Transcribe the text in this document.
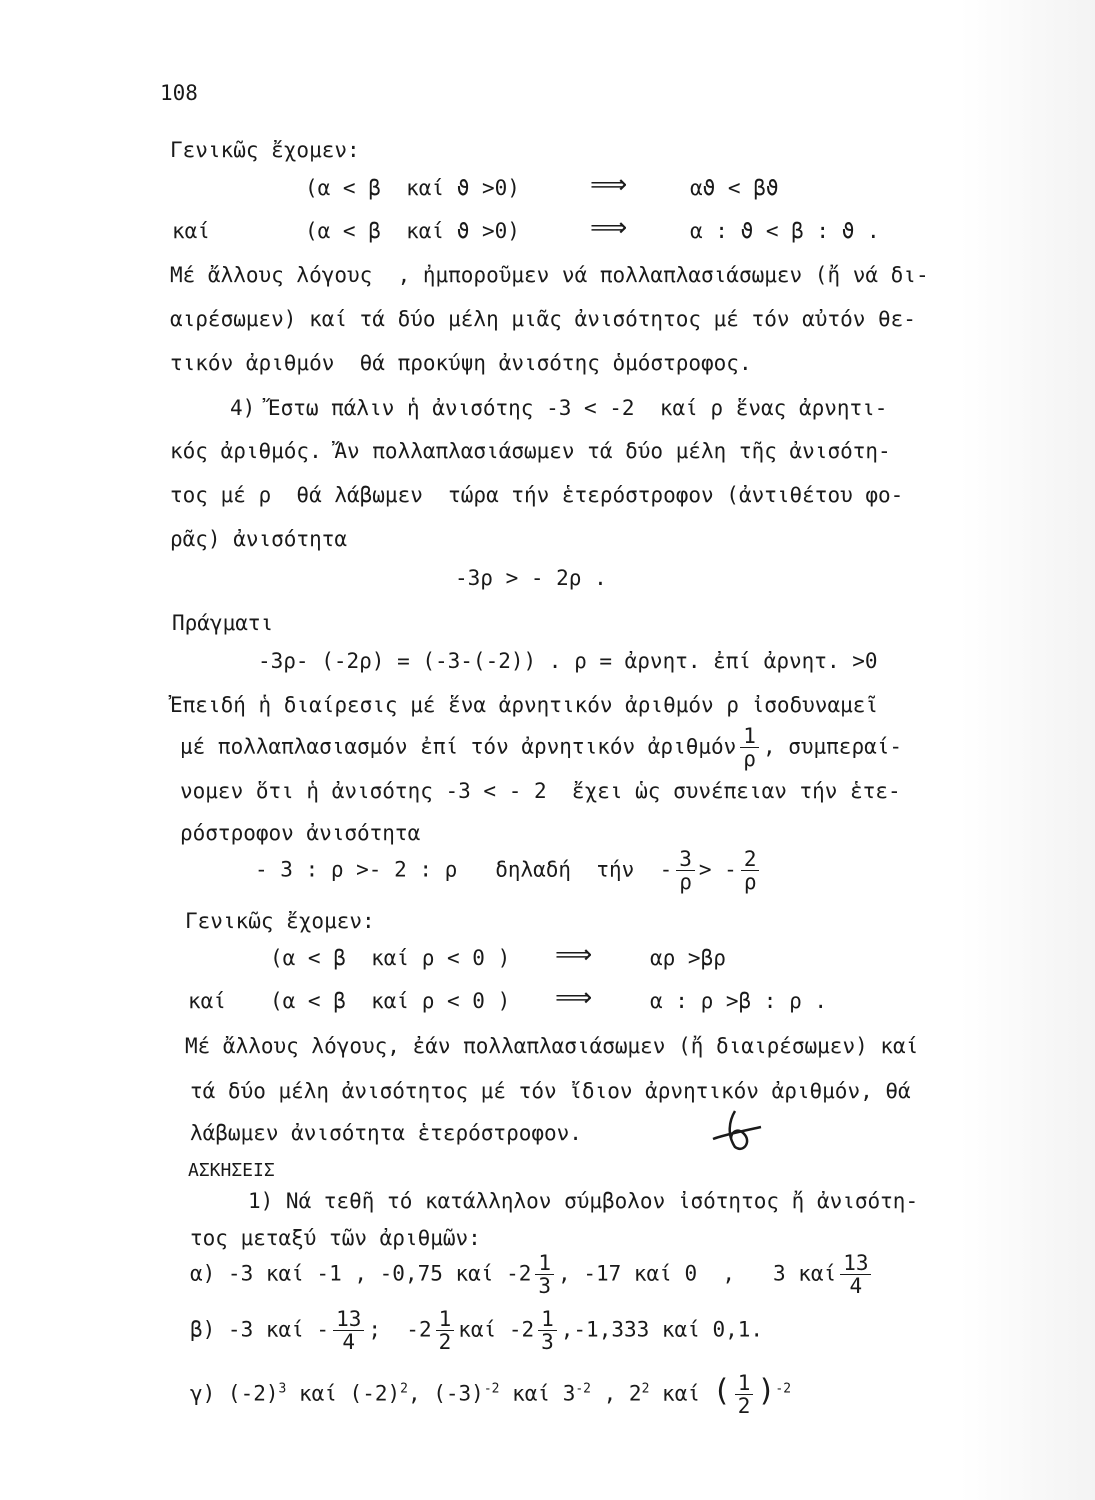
108
Γενικῶς ἔχομεν:
(α < β  καί ϑ >0)	⟹	αϑ < βϑ
καί	(α < β  καί ϑ >0)	⟹	α : ϑ < β : ϑ .
Μέ ἄλλους λόγους  , ἠμποροῦμεν νά πολλαπλασιάσωμεν (ἤ νά δι-
αιρέσωμεν) καί τά δύο μέλη μιᾶς ἀνισότητος μέ τόν αὐτόν θε-
τικόν ἀριθμόν  θά προκύψη ἀνισότης ὁμόστροφος.
4) Ἔστω πάλιν ἡ ἀνισότης -3 < -2  καί ρ ἕνας ἀρνητι-
κός ἀριθμός. Ἄν πολλαπλασιάσωμεν τά δύο μέλη τῆς ἀνισότη-
τος μέ ρ  θά λάβωμεν  τώρα τήν ἑτερόστροφον (ἀντιθέτου φο-
ρᾶς) ἀνισότητα
-3ρ > - 2ρ .
Πράγματι
-3ρ- (-2ρ) = (-3-(-2)) . ρ = ἀρνητ. ἐπί ἀρνητ. >0
Ἐπειδή ἡ διαίρεσις μέ ἕνα ἀρνητικόν ἀριθμόν ρ ἰσοδυναμεῖ
μέ πολλαπλασιασμόν ἐπί τόν ἀρνητικόν ἀριθμόν $\frac{1}{\rho}$ , συμπεραί-
νομεν ὅτι ἡ ἀνισότης -3 < - 2  ἔχει ὡς συνέπειαν τήν ἑτε-
ρόστροφον ἀνισότητα
- 3 : ρ >- 2 : ρ   δηλαδή  τήν  - $\frac{3}{\rho}$ > - $\frac{2}{\rho}$
Γενικῶς ἔχομεν:
(α < β  καί ρ < 0 ) ⟹	αρ >βρ
καί (α < β  καί ρ < 0 ) ⟹	α : ρ >β : ρ .
Μέ ἄλλους λόγους, ἐάν πολλαπλασιάσωμεν (ἤ διαιρέσωμεν) καί
τά δύο μέλη ἀνισότητος μέ τόν ἴδιον ἀρνητικόν ἀριθμόν, θά
λάβωμεν ἀνισότητα ἑτερόστροφον.
ΑΣΚΗΣΕΙΣ
1) Νά τεθῆ τό κατάλληλον σύμβολον ἰσότητος ἤ ἀνισότη-
τος μεταξύ τῶν ἀριθμῶν:
α) -3 καί -1 , -0,75 καί $-2 \frac{1}{3}$ , -17 καί 0  ,   3 καί $\frac{13}{4}$
β) -3 καί - $\frac{13}{4}$ ;  $-2 \frac{1}{2}$ καί $-2 \frac{1}{3} ,-1,333$ καί 0,1.
γ) $(-2)^3$ καί $(-2)^2$, $(-3)^{-2}$ καί $3^{-2}$ , $2^2$ καί ( $\frac{1}{2} )^{-2}$
